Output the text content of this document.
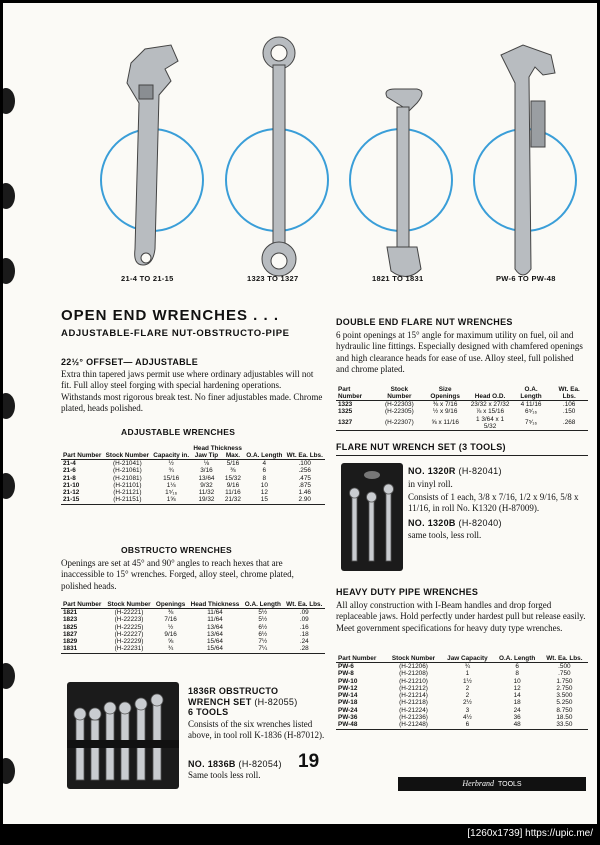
21-4 TO 21-15	1323 TO 1327	1821 TO 1831	PW-6 TO PW-48
OPEN END WRENCHES . . .
ADJUSTABLE-FLARE NUT-OBSTRUCTO-PIPE
22½° OFFSET— ADJUSTABLE
Extra thin tapered jaws permit use where ordinary adjustables will not fit. Full alloy steel forging with special hardening operations. Withstands most rigorous break test. No finer adjustables made. Chrome plated, heads polished.
ADJUSTABLE WRENCHES
			Head Thickness			
Part Number	Stock Number	Capacity in.	Jaw Tip	Max.	O.A. Length	Wt. Ea. Lbs.
21-4	(H-21041)	½	⅛	5/16	4	.100
21-6	(H-21061)	¾	3/16	⅜	6	.256
21-8	(H-21081)	15/16	13/64	15/32	8	.475
21-10	(H-21101)	1⅛	9/32	9/16	10	.875
21-12	(H-21121)	1⁵⁄₁₆	11/32	11/16	12	1.46
21-15	(H-21151)	1⅝	19/32	21/32	15	2.90
OBSTRUCTO WRENCHES
Openings are set at 45° and 90° angles to reach hexes that are inaccessible to 15° wrenches. Forged, alloy steel, chrome plated, polished heads.
Part Number	Stock Number	Openings	Head Thickness	O.A. Length	Wt. Ea. Lbs.
1821	(H-22221)	⅜	11/64	5½	.09
1823	(H-22223)	7/16	11/64	5½	.09
1825	(H-22225)	½	13/64	6½	.16
1827	(H-22227)	9/16	13/64	6½	.18
1829	(H-22229)	⅝	15/64	7½	.24
1831	(H-22231)	¾	15/64	7¼	.28
1836R OBSTRUCTO
WRENCH SET (H-82055)
6 TOOLS
Consists of the six wrenches listed above, in tool roll K-1836 (H-87012).
NO. 1836B (H-82054)
Same tools less roll.
DOUBLE END FLARE NUT WRENCHES
6 point openings at 15° angle for maximum utility on fuel, oil and hydraulic line fittings. Especially designed with chamfered openings and high clearance heads for ease of use. Alloy steel, full polished and chrome plated.
Part Number	Stock Number	Size Openings	Head O.D.	O.A. Length	Wt. Ea. Lbs.
1323	(H-22303)	⅜ x 7/16	23/32 x 27/32	4 11/16	.106
1325	(H-22305)	½ x 9/16	⅞ x 15/16	6⁵⁄₁₆	.150
1327	(H-22307)	⅝ x 11/16	1 3/64 x 1 5/32	7⁵⁄₁₆	.268
FLARE NUT WRENCH SET (3 TOOLS)
NO. 1320R (H-82041)
in vinyl roll.
Consists of 1 each, 3/8 x 7/16, 1/2 x 9/16, 5/8 x 11/16, in roll No. K1320 (H-87009).
NO. 1320B (H-82040)
same tools, less roll.
HEAVY DUTY PIPE WRENCHES
All alloy construction with I-Beam handles and drop forged replaceable jaws. Hold perfectly under hardest pull but release easily. Meet government specifications for heavy duty type wrenches.
Part Number	Stock Number	Jaw Capacity	O.A. Length	Wt. Ea. Lbs.
PW-6	(H-21206)	¾	6	.500
PW-8	(H-21208)	1	8	.750
PW-10	(H-21210)	1½	10	1.750
PW-12	(H-21212)	2	12	2.750
PW-14	(H-21214)	2	14	3.500
PW-18	(H-21218)	2½	18	5.250
PW-24	(H-21224)	3	24	8.750
PW-36	(H-21236)	4½	36	18.50
PW-48	(H-21248)	6	48	33.50
19
Herbrand TOOLS
[1260x1739] https://upic.me/
